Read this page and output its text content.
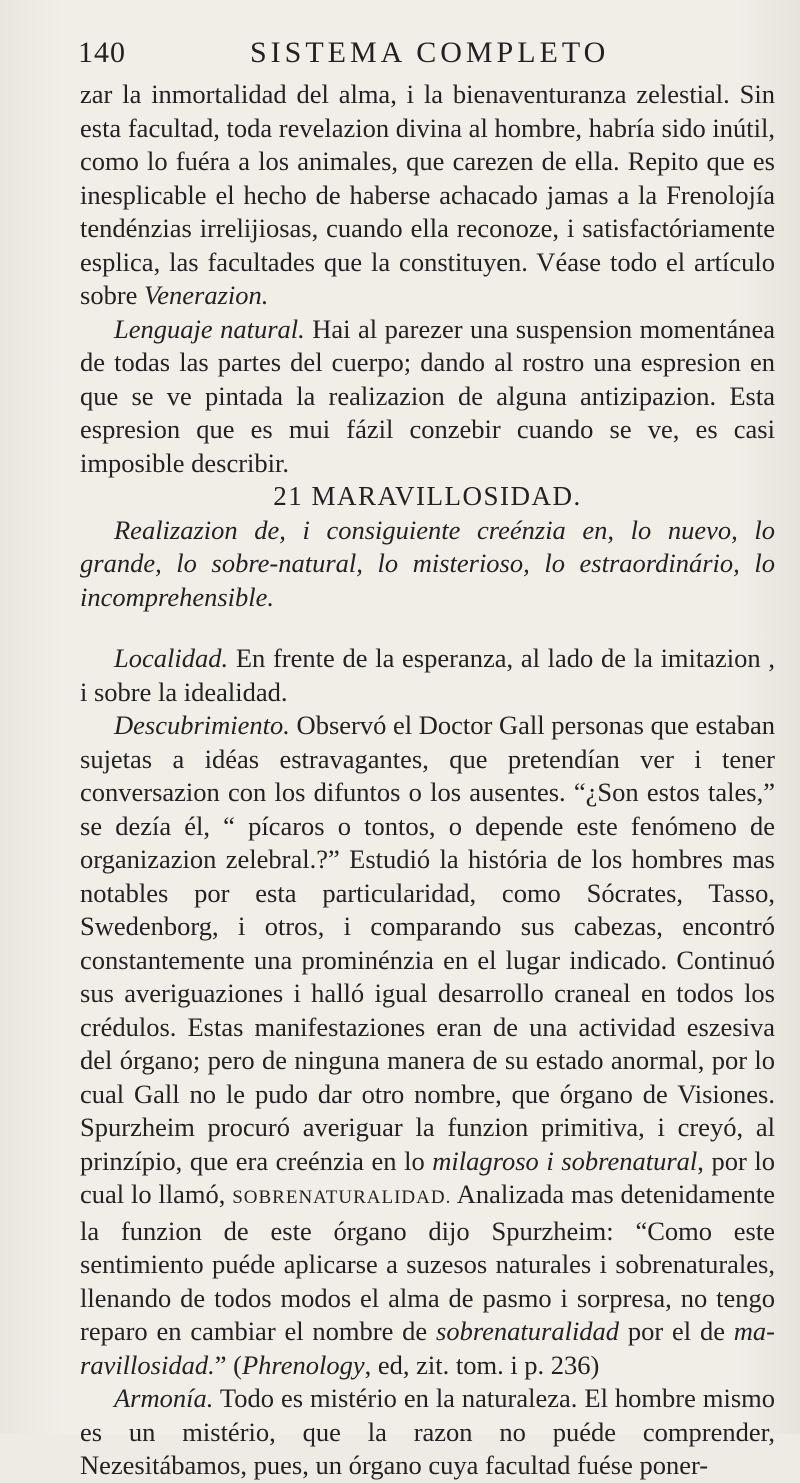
140	SISTEMA COMPLETO

zar la inmortalidad del alma, i la bienaventuranza zelestial. Sin esta facultad, toda revelazion divina al hombre, habría sido inútil, como lo fuéra a los animales, que carezen de ella. Repito que es inesplicable el hecho de haberse achacado jamas a la Frenolojía tendénzias irrelijiosas, cuando ella reconoze, i satisfactóriamente esplica, las facultades que la constituyen. Véase todo el artículo sobre Venerazion.

Lenguaje natural. Hai al parezer una suspension momentánea de todas las partes del cuerpo; dando al rostro una espresion en que se ve pintada la realizazion de alguna antizipazion. Esta espresion que es mui fázil conzebir cuando se ve, es casi imposible describir.

21 MARAVILLOSIDAD.

Realizazion de, i consiguiente creénzia en, lo nuevo, lo grande, lo sobre-natural, lo misterioso, lo estraordinário, lo incomprehensible.

Localidad. En frente de la esperanza, al lado de la imitazion , i sobre la idealidad.

Descubrimiento. Observó el Doctor Gall personas que estaban sujetas a idéas estravagantes, que pretendían ver i tener conversazion con los difuntos o los ausentes. “¿Son estos tales,” se dezía él, “ pícaros o tontos, o depende este fenómeno de organizazion zelebral.?” Estudió la história de los hombres mas notables por esta particularidad, como Sócrates, Tasso, Swedenborg, i otros, i comparando sus cabezas, encontró constantemente una prominénzia en el lugar indicado. Continuó sus averiguaziones i halló igual desarrollo craneal en todos los crédulos. Estas manifestaziones eran de una actividad eszesiva del órgano; pero de ninguna manera de su estado anormal, por lo cual Gall no le pudo dar otro nombre, que órgano de Visiones. Spurzheim procuró averiguar la funzion primitiva, i creyó, al prinzípio, que era creénzia en lo milagroso i sobrenatural, por lo cual lo llamó, SOBRENATURALIDAD. Analizada mas detenidamente la funzion de este órgano dijo Spurzheim: “Como este sentimiento puéde aplicarse a suzesos naturales i sobrenaturales, llenando de todos modos el alma de pasmo i sorpresa, no tengo reparo en cambiar el nombre de sobrenaturalidad por el de maravillosidad.” (Phrenology, ed, zit. tom. i p. 236)

Armonía. Todo es mistério en la naturaleza. El hombre mismo es un mistério, que la razon no puéde comprender, Nezesitábamos, pues, un órgano cuya facultad fuése poner-
